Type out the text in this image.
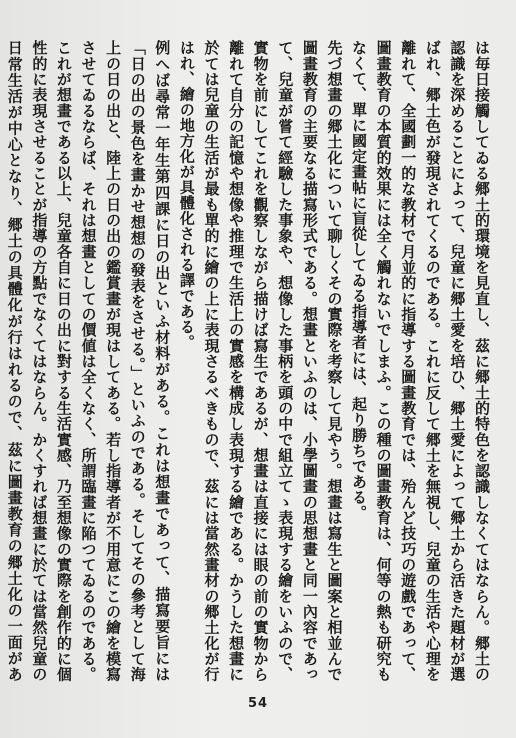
は毎日接觸してゐる郷土的環境を見直し、茲に郷土的特色を認識しなくてはならん。郷土の認識を深めることによって、兒童に郷土愛を培ひ、郷土愛によって郷土から活きた題材が選ばれ、郷土色が發現されてくるのである。これに反して郷土を無視し、兒童の生活や心理を離れて、全國劃一的な教材で月並的に指導する圖畫教育では、殆んど技巧の遊戲であって、圖畫教育の本質的效果には全く觸れないでしまふ。この種の圖畫教育は、何等の熱も研究もなくて、單に國定畫帖に盲從してゐる指導者には、起り勝ちである。

先づ想畫の郷土化について聊しくその實際を考察して見やう。想畫は寫生と圖案と相並んで圖畫教育の主要なる描寫形式である。想畫といふのは、小學圖畫の思想畫と同一內容であって、兒童が嘗て經驗した事象や、想像した事柄を頭の中で組立てゝ表現する繪をいふので、實物を前にしてこれを觀察しながら描けば寫生であるが、想畫は直接には眼の前の實物から離れて自分の記憶や想像や推理で生活上の實感を構成し表現する繪である。かうした想畫に於ては兒童の生活が最も單的に繪の上に表現さるべきもので、茲には當然畫材の郷土化が行はれ、繪の地方化が具體化される譯である。

例へば尋常一年生第四課に日の出といふ材料がある。これは想畫であって、描寫要旨には「日の出の景色を畫かせ想想の發表をさせる。」といふのである。そしてその參考として海上の日の出と、陸上の日の出の鑑賞畫が現はしてある。若し指導者が不用意にこの繪を模寫させてゐるならば、それは想畫としての價値は全くなく、所謂臨畫に陥つてゐるのである。これが想畫である以上、兒童各自に日の出に對する生活實感、乃至想像の實際を創作的に個性的に表現させることが指導の方點でなくてはならん。かくすれば想畫に於ては當然兒童の日常生活が中心となり、郷土の具體化が行はれるので、茲に圖畫教育の郷土化の一面があ

54
